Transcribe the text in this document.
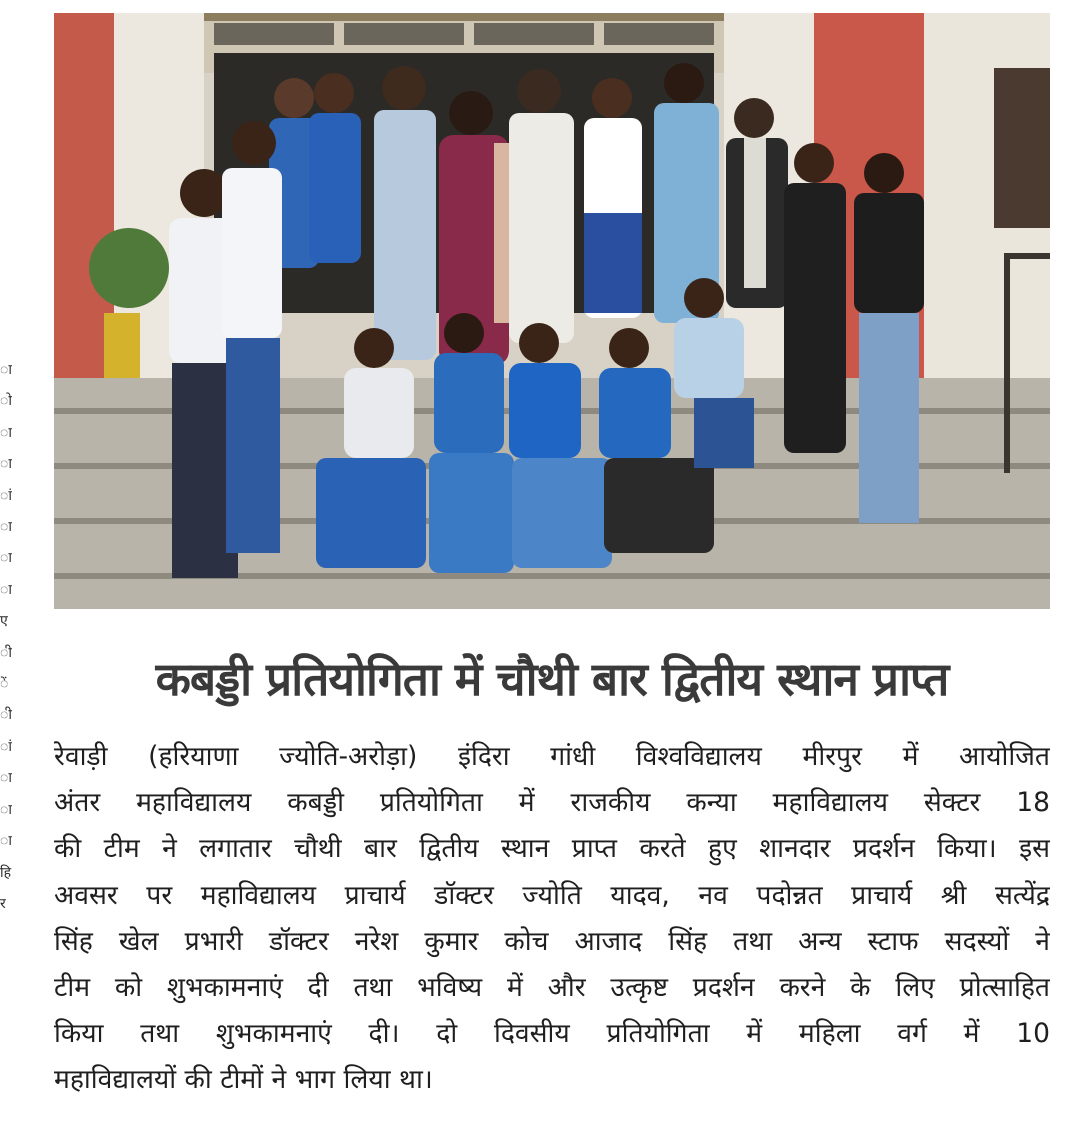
ा
ो
ा
ा
ां
ा
ा
ा
ए
ी
ें
ी
ां
ा
ा
ा
हि
र
कबड्डी प्रतियोगिता में चौथी बार द्वितीय स्थान प्राप्त
रेवाड़ी (हरियाणा ज्योति-अरोड़ा) इंदिरा गांधी विश्वविद्यालय मीरपुर में आयोजित
अंतर महाविद्यालय कबड्डी प्रतियोगिता में राजकीय कन्या महाविद्यालय सेक्टर 18
की टीम ने लगातार चौथी बार द्वितीय स्थान प्राप्त करते हुए शानदार प्रदर्शन किया। इस
अवसर पर महाविद्यालय प्राचार्य डॉक्टर ज्योति यादव, नव पदोन्नत प्राचार्य श्री सत्येंद्र
सिंह खेल प्रभारी डॉक्टर नरेश कुमार कोच आजाद सिंह तथा अन्य स्टाफ सदस्यों ने
टीम को शुभकामनाएं दी तथा भविष्य में और उत्कृष्ट प्रदर्शन करने के लिए प्रोत्साहित
किया तथा शुभकामनाएं दी। दो दिवसीय प्रतियोगिता में महिला वर्ग में 10
महाविद्यालयों की टीमों ने भाग लिया था।
